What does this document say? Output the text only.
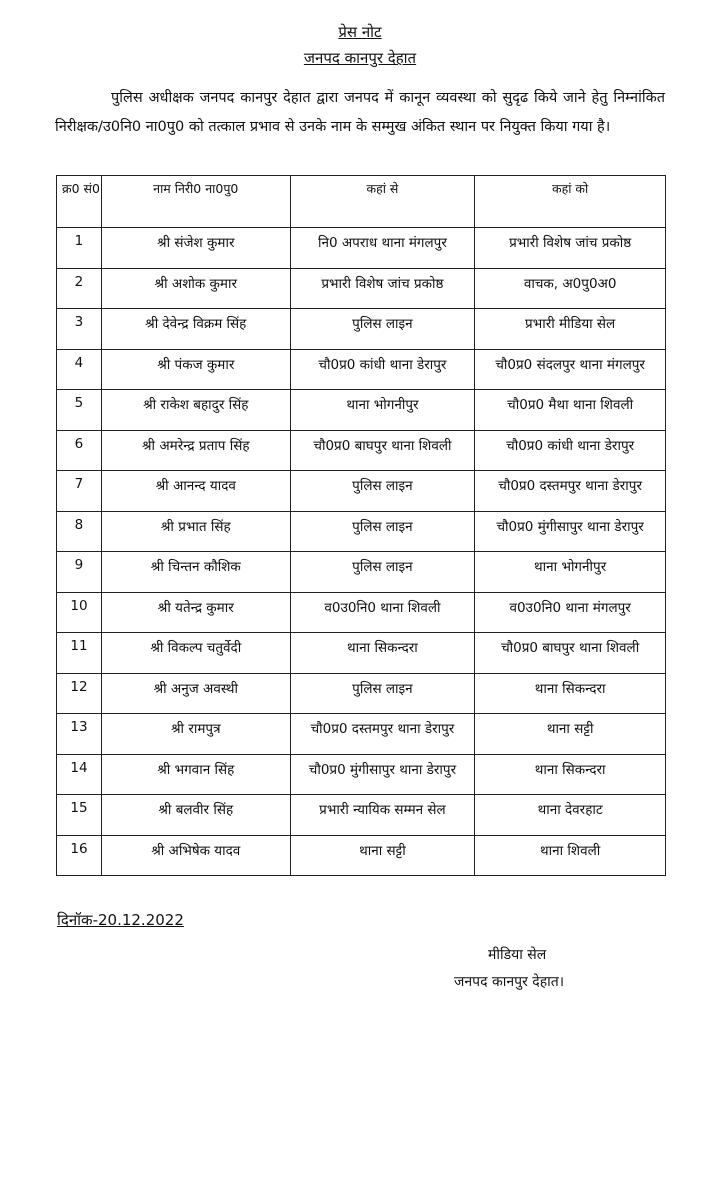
प्रेस नोट
जनपद कानपुर देहात

पुलिस अधीक्षक जनपद कानपुर देहात द्वारा जनपद में कानून व्यवस्था को सुदृढ किये जाने हेतु निम्नांकित निरीक्षक/उ0नि0 ना0पु0 को तत्काल प्रभाव से उनके नाम के सम्मुख अंकित स्थान पर नियुक्त किया गया है।

क्र0 सं0	नाम निरी0 ना0पु0	कहां से	कहां को
1	श्री संजेश कुमार	नि0 अपराध थाना मंगलपुर	प्रभारी विशेष जांच प्रकोष्ठ
2	श्री अशोक कुमार	प्रभारी विशेष जांच प्रकोष्ठ	वाचक, अ0पु0अ0
3	श्री देवेन्द्र विक्रम सिंह	पुलिस लाइन	प्रभारी मीडिया सेल
4	श्री पंकज कुमार	चौ0प्र0 कांधी थाना डेरापुर	चौ0प्र0 संदलपुर थाना मंगलपुर
5	श्री राकेश बहादुर सिंह	थाना भोगनीपुर	चौ0प्र0 मैथा थाना शिवली
6	श्री अमरेन्द्र प्रताप सिंह	चौ0प्र0 बाघपुर थाना शिवली	चौ0प्र0 कांधी थाना डेरापुर
7	श्री आनन्द यादव	पुलिस लाइन	चौ0प्र0 दस्तमपुर थाना डेरापुर
8	श्री प्रभात सिंह	पुलिस लाइन	चौ0प्र0 मुंगीसापुर थाना डेरापुर
9	श्री चिन्तन कौशिक	पुलिस लाइन	थाना भोगनीपुर
10	श्री यतेन्द्र कुमार	व0उ0नि0 थाना शिवली	व0उ0नि0 थाना मंगलपुर
11	श्री विकल्प चतुर्वेदी	थाना सिकन्दरा	चौ0प्र0 बाघपुर थाना शिवली
12	श्री अनुज अवस्थी	पुलिस लाइन	थाना सिकन्दरा
13	श्री रामपुत्र	चौ0प्र0 दस्तमपुर थाना डेरापुर	थाना सट्टी
14	श्री भगवान सिंह	चौ0प्र0 मुंगीसापुर थाना डेरापुर	थाना सिकन्दरा
15	श्री बलवीर सिंह	प्रभारी न्यायिक सम्मन सेल	थाना देवरहाट
16	श्री अभिषेक यादव	थाना सट्टी	थाना शिवली
दिनॉक-20.12.2022
मीडिया सेल
जनपद कानपुर देहात।
